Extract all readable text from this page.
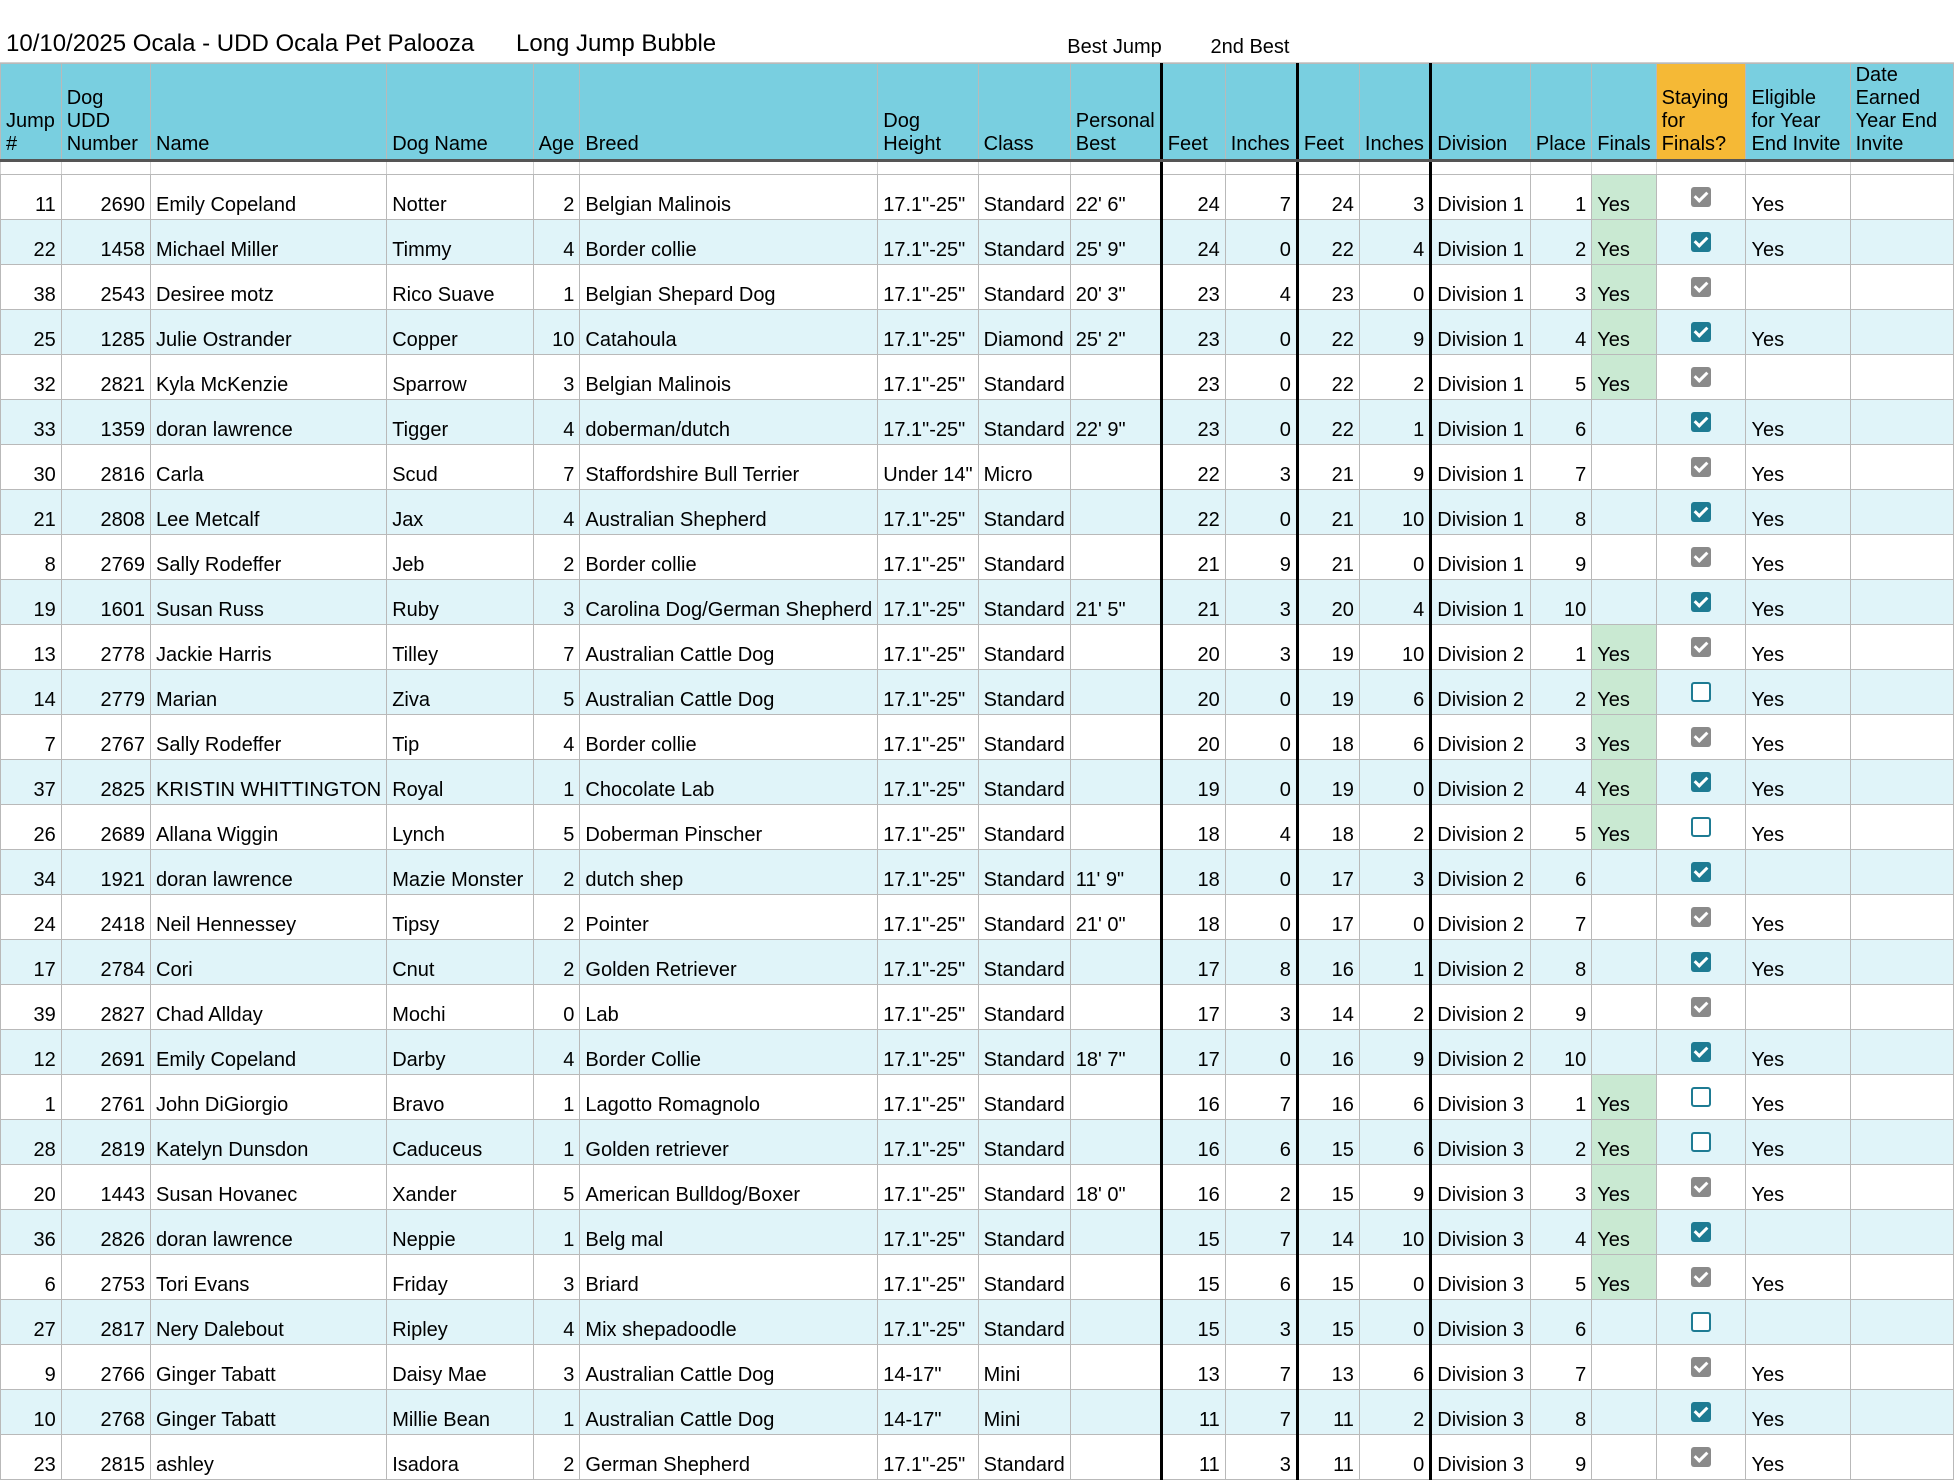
10/10/2025 Ocala - UDD Ocala Pet Palooza Long Jump Bubble	Best Jump	2nd Best
Jump #	Dog UDD Number	Name	Dog Name	Age	Breed	Dog Height	Class	Personal Best	Feet	Inches	Feet	Inches	Division	Place	Finals	Staying for Finals?	Eligible for Year End Invite	Date Earned Year End Invite

11	2690	Emily Copeland	Notter	2	Belgian Malinois	17.1"-25"	Standard	22' 6"	24	7	24	3	Division 1	1	Yes		Yes	
22	1458	Michael Miller	Timmy	4	Border collie	17.1"-25"	Standard	25' 9"	24	0	22	4	Division 1	2	Yes		Yes	
38	2543	Desiree motz	Rico Suave	1	Belgian Shepard Dog	17.1"-25"	Standard	20' 3"	23	4	23	0	Division 1	3	Yes			
25	1285	Julie Ostrander	Copper	10	Catahoula	17.1"-25"	Diamond	25' 2"	23	0	22	9	Division 1	4	Yes		Yes	
32	2821	Kyla McKenzie	Sparrow	3	Belgian Malinois	17.1"-25"	Standard		23	0	22	2	Division 1	5	Yes			
33	1359	doran lawrence	Tigger	4	doberman/dutch	17.1"-25"	Standard	22' 9"	23	0	22	1	Division 1	6			Yes	
30	2816	Carla	Scud	7	Staffordshire Bull Terrier	Under 14"	Micro		22	3	21	9	Division 1	7			Yes	
21	2808	Lee Metcalf	Jax	4	Australian Shepherd	17.1"-25"	Standard		22	0	21	10	Division 1	8			Yes	
8	2769	Sally Rodeffer	Jeb	2	Border collie	17.1"-25"	Standard		21	9	21	0	Division 1	9			Yes	
19	1601	Susan Russ	Ruby	3	Carolina Dog/German Shepherd	17.1"-25"	Standard	21' 5"	21	3	20	4	Division 1	10			Yes	
13	2778	Jackie Harris	Tilley	7	Australian Cattle Dog	17.1"-25"	Standard		20	3	19	10	Division 2	1	Yes		Yes	
14	2779	Marian	Ziva	5	Australian Cattle Dog	17.1"-25"	Standard		20	0	19	6	Division 2	2	Yes		Yes	
7	2767	Sally Rodeffer	Tip	4	Border collie	17.1"-25"	Standard		20	0	18	6	Division 2	3	Yes		Yes	
37	2825	KRISTIN WHITTINGTON	Royal	1	Chocolate Lab	17.1"-25"	Standard		19	0	19	0	Division 2	4	Yes		Yes	
26	2689	Allana Wiggin	Lynch	5	Doberman Pinscher	17.1"-25"	Standard		18	4	18	2	Division 2	5	Yes		Yes	
34	1921	doran lawrence	Mazie Monster	2	dutch shep	17.1"-25"	Standard	11' 9"	18	0	17	3	Division 2	6				
24	2418	Neil Hennessey	Tipsy	2	Pointer	17.1"-25"	Standard	21' 0"	18	0	17	0	Division 2	7			Yes	
17	2784	Cori	Cnut	2	Golden Retriever	17.1"-25"	Standard		17	8	16	1	Division 2	8			Yes	
39	2827	Chad Allday	Mochi	0	Lab	17.1"-25"	Standard		17	3	14	2	Division 2	9				
12	2691	Emily Copeland	Darby	4	Border Collie	17.1"-25"	Standard	18' 7"	17	0	16	9	Division 2	10			Yes	
1	2761	John DiGiorgio	Bravo	1	Lagotto Romagnolo	17.1"-25"	Standard		16	7	16	6	Division 3	1	Yes		Yes	
28	2819	Katelyn Dunsdon	Caduceus	1	Golden retriever	17.1"-25"	Standard		16	6	15	6	Division 3	2	Yes		Yes	
20	1443	Susan Hovanec	Xander	5	American Bulldog/Boxer	17.1"-25"	Standard	18' 0"	16	2	15	9	Division 3	3	Yes		Yes	
36	2826	doran lawrence	Neppie	1	Belg mal	17.1"-25"	Standard		15	7	14	10	Division 3	4	Yes			
6	2753	Tori Evans	Friday	3	Briard	17.1"-25"	Standard		15	6	15	0	Division 3	5	Yes		Yes	
27	2817	Nery Dalebout	Ripley	4	Mix shepadoodle	17.1"-25"	Standard		15	3	15	0	Division 3	6				
9	2766	Ginger Tabatt	Daisy Mae	3	Australian Cattle Dog	14-17"	Mini		13	7	13	6	Division 3	7			Yes	
10	2768	Ginger Tabatt	Millie Bean	1	Australian Cattle Dog	14-17"	Mini		11	7	11	2	Division 3	8			Yes	
23	2815	ashley	Isadora	2	German Shepherd	17.1"-25"	Standard		11	3	11	0	Division 3	9			Yes	
